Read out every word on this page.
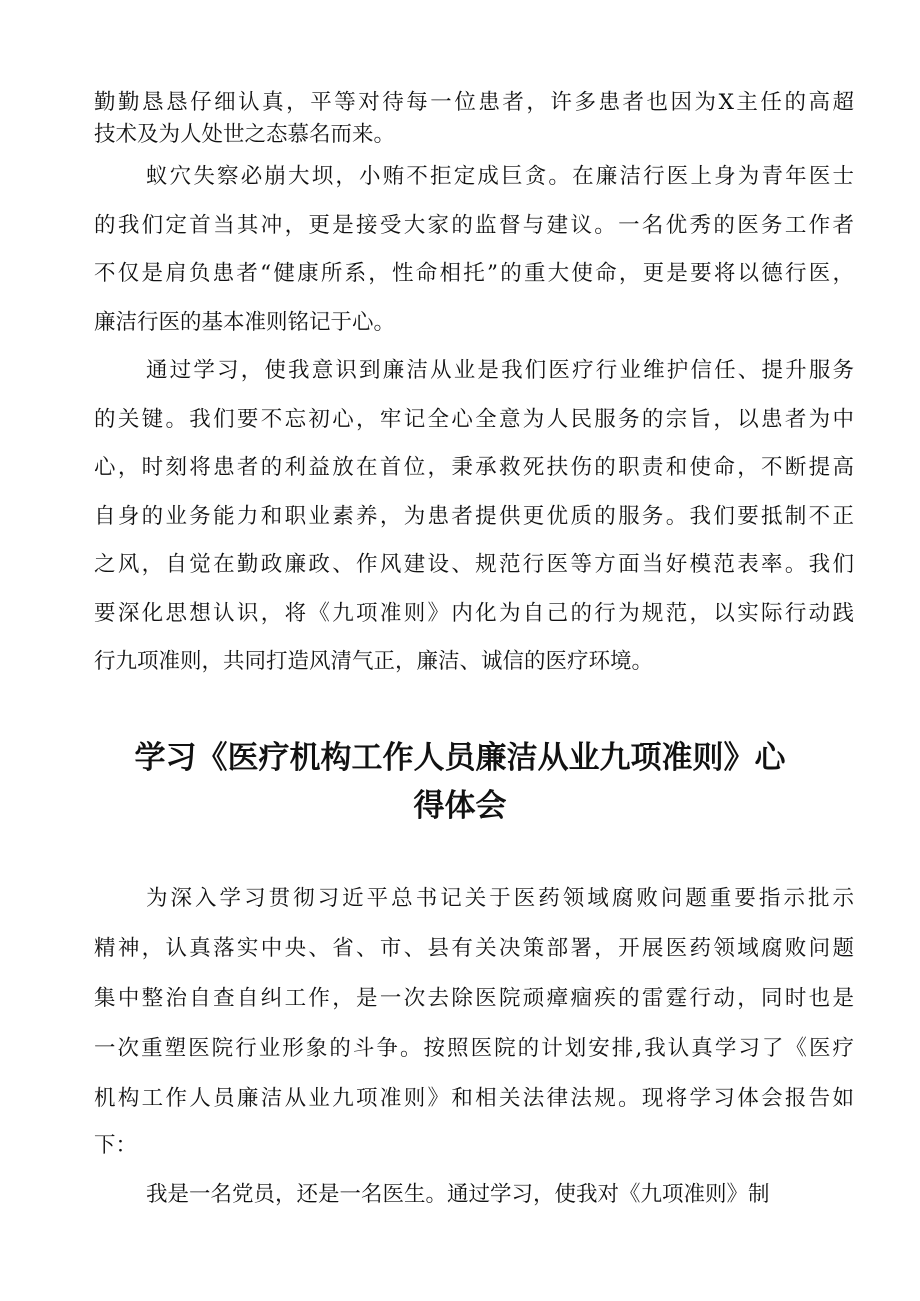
勤勤恳恳仔细认真，平等对待每一位患者，许多患者也因为X主任的高超
技术及为人处世之态慕名而来。
蚁穴失察必崩大坝，小贿不拒定成巨贪。在廉洁行医上身为青年医士
的我们定首当其冲，更是接受大家的监督与建议。一名优秀的医务工作者
不仅是肩负患者“健康所系，性命相托”的重大使命，更是要将以德行医，
廉洁行医的基本准则铭记于心。
通过学习，使我意识到廉洁从业是我们医疗行业维护信任、提升服务
的关键。我们要不忘初心，牢记全心全意为人民服务的宗旨，以患者为中
心，时刻将患者的利益放在首位，秉承救死扶伤的职责和使命，不断提高
自身的业务能力和职业素养，为患者提供更优质的服务。我们要抵制不正
之风，自觉在勤政廉政、作风建设、规范行医等方面当好模范表率。我们
要深化思想认识，将《九项准则》内化为自己的行为规范，以实际行动践
行九项准则，共同打造风清气正，廉洁、诚信的医疗环境。
学习《医疗机构工作人员廉洁从业九项准则》心
得体会
为深入学习贯彻习近平总书记关于医药领域腐败问题重要指示批示
精神，认真落实中央、省、市、县有关决策部署，开展医药领域腐败问题
集中整治自查自纠工作，是一次去除医院顽瘴痼疾的雷霆行动，同时也是
一次重塑医院行业形象的斗争。按照医院的计划安排,我认真学习了《医疗
机构工作人员廉洁从业九项准则》和相关法律法规。现将学习体会报告如
下：
我是一名党员，还是一名医生。通过学习，使我对《九项准则》制
